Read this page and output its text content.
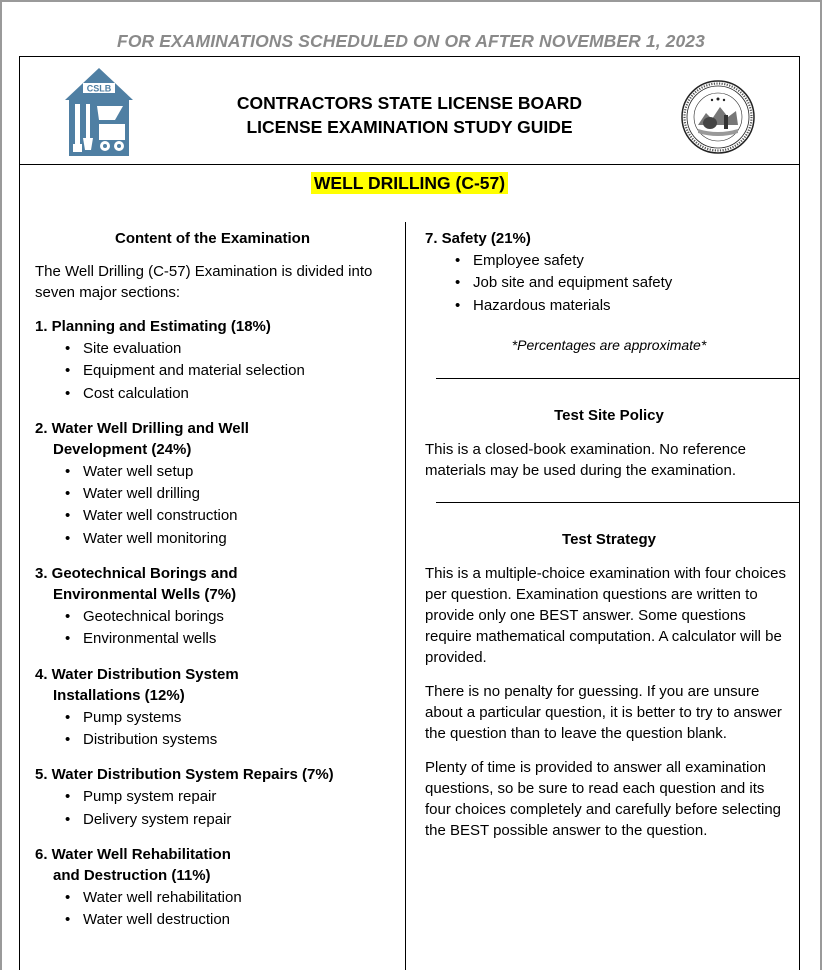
FOR EXAMINATIONS SCHEDULED ON OR AFTER NOVEMBER 1, 2023
CSLB
CONTRACTORS STATE LICENSE BOARD
LICENSE EXAMINATION STUDY GUIDE
WELL DRILLING (C-57)
Content of the Examination

The Well Drilling (C-57) Examination is divided into seven major sections:

1. Planning and Estimating (18%)
• Site evaluation
• Equipment and material selection
• Cost calculation
2. Water Well Drilling and Well
Development (24%)
• Water well setup
• Water well drilling
• Water well construction
• Water well monitoring
3. Geotechnical Borings and
Environmental Wells (7%)
• Geotechnical borings
• Environmental wells
4. Water Distribution System
Installations (12%)
• Pump systems
• Distribution systems
5. Water Distribution System Repairs (7%)
• Pump system repair
• Delivery system repair
6. Water Well Rehabilitation
and Destruction (11%)
• Water well rehabilitation
• Water well destruction
7. Safety (21%)
• Employee safety
• Job site and equipment safety
• Hazardous materials

*Percentages are approximate*

Test Site Policy

This is a closed-book examination. No reference materials may be used during the examination.

Test Strategy

This is a multiple-choice examination with four choices per question. Examination questions are written to provide only one BEST answer. Some questions require mathematical computation. A calculator will be provided.

There is no penalty for guessing. If you are unsure about a particular question, it is better to try to answer the question than to leave the question blank.

Plenty of time is provided to answer all examination questions, so be sure to read each question and its four choices completely and carefully before selecting the BEST possible answer to the question.
